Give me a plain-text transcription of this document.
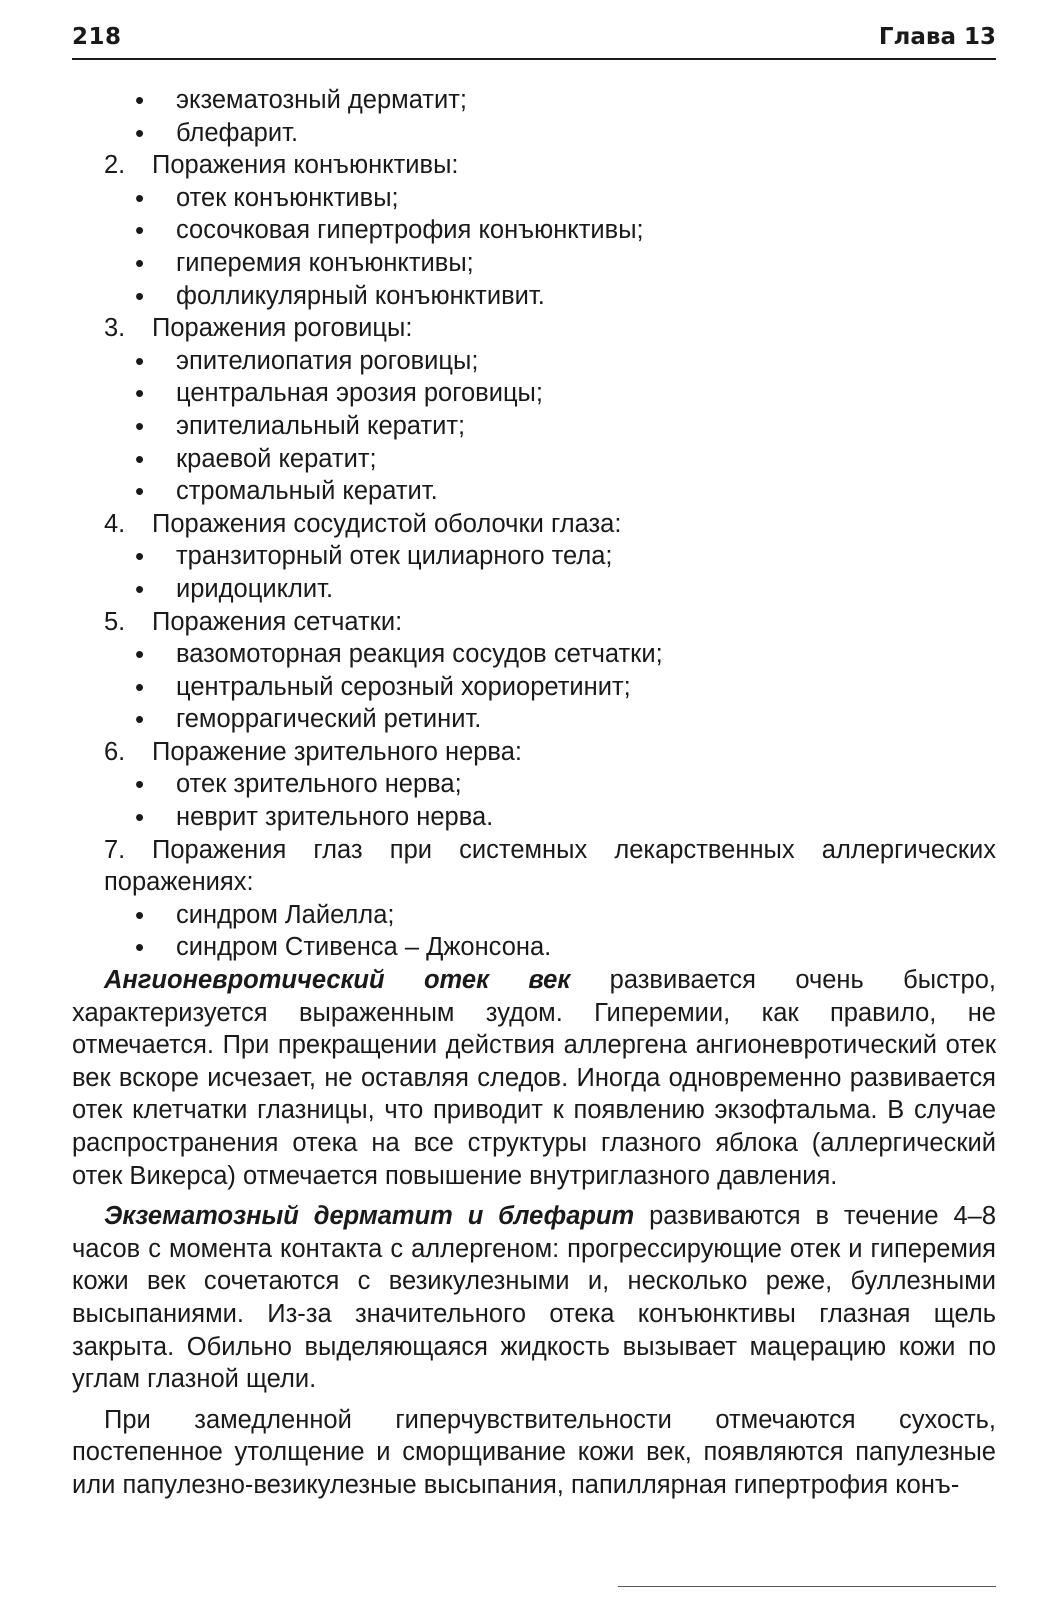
218	Глава 13
• экзематозный дерматит;
• блефарит.
2. Поражения конъюнктивы:
• отек конъюнктивы;
• сосочковая гипертрофия конъюнктивы;
• гиперемия конъюнктивы;
• фолликулярный конъюнктивит.
3. Поражения роговицы:
• эпителиопатия роговицы;
• центральная эрозия роговицы;
• эпителиальный кератит;
• краевой кератит;
• стромальный кератит.
4. Поражения сосудистой оболочки глаза:
• транзиторный отек цилиарного тела;
• иридоциклит.
5. Поражения сетчатки:
• вазомоторная реакция сосудов сетчатки;
• центральный серозный хориоретинит;
• геморрагический ретинит.
6. Поражение зрительного нерва:
• отек зрительного нерва;
• неврит зрительного нерва.
7. Поражения глаз при системных лекарственных аллергических поражениях:
• синдром Лайелла;
• синдром Стивенса – Джонсона.
Ангионевротический отек век развивается очень быстро, характеризуется выраженным зудом. Гиперемии, как правило, не отмечается. При прекращении действия аллергена ангионевротический отек век вскоре исчезает, не оставляя следов. Иногда одновременно развивается отек клетчатки глазницы, что приводит к появлению экзофтальма. В случае распространения отека на все структуры глазного яблока (аллергический отек Викерса) отмечается повышение внутриглазного давления.
Экзематозный дерматит и блефарит развиваются в течение 4–8 часов с момента контакта с аллергеном: прогрессирующие отек и гиперемия кожи век сочетаются с везикулезными и, несколько реже, буллезными высыпаниями. Из-за значительного отека конъюнктивы глазная щель закрыта. Обильно выделяющаяся жидкость вызывает мацерацию кожи по углам глазной щели.
При замедленной гиперчувствительности отмечаются сухость, постепенное утолщение и сморщивание кожи век, появляются папулезные или папулезно-везикулезные высыпания, папиллярная гипертрофия конъ-
